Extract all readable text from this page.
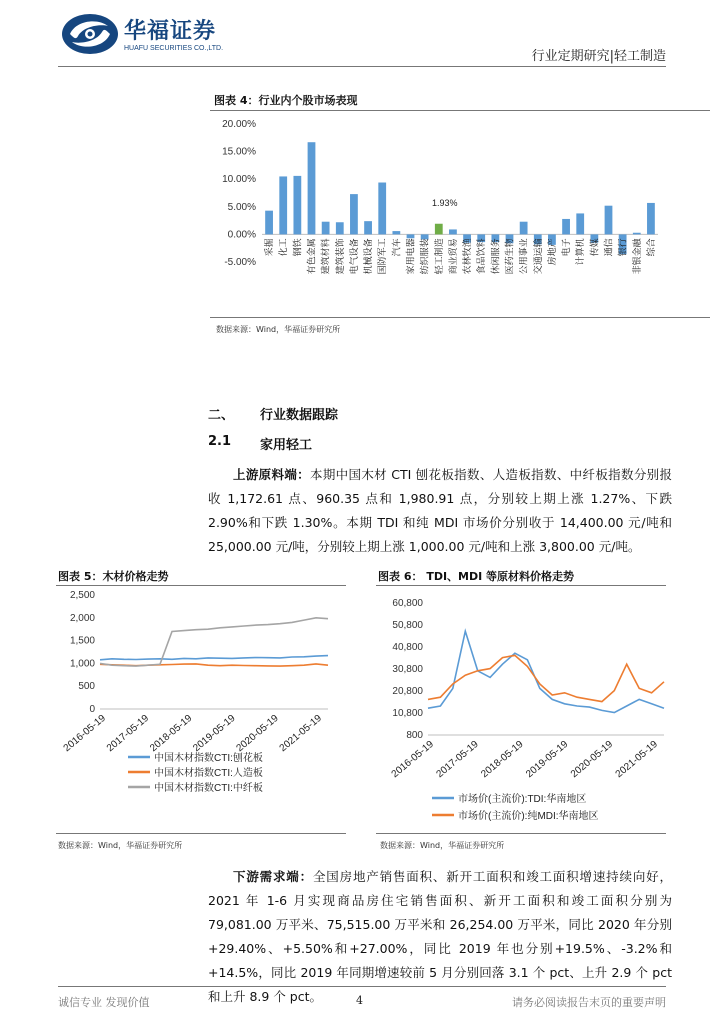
华福证券
HUAFU SECURITIES CO.,LTD.
行业定期研究|轻工制造
图表 4：行业内个股市场表现
20.00%
15.00%
10.00%
5.00%
0.00%
-5.00%
采掘 化工 钢铁 有色金属 建筑材料 建筑装饰 电气设备 机械设备 国防军工 汽车 家用电器 纺织服装 轻工制造 商业贸易 农林牧渔 食品饮料 休闲服务 医药生物 公用事业 交通运输 房地产 电子 计算机 传媒 通信 银行 非银金融 综合
1.93%
数据来源：Wind，华福证券研究所
二、 行业数据跟踪
2.1 家用轻工
上游原料端：本期中国木材 CTI 刨花板指数、人造板指数、中纤板指数分别报收 1,172.61 点、960.35 点和 1,980.91 点，分别较上期上涨 1.27%、下跌 2.90%和下跌 1.30%。本期 TDI 和纯 MDI 市场价分别收于 14,400.00 元/吨和 25,000.00 元/吨，分别较上期上涨 1,000.00 元/吨和上涨 3,800.00 元/吨。
图表 5：木材价格走势
2,500
2,000
1,500
1,000
500
0
2016-05-19
2017-05-19
2018-05-19
2019-05-19
2020-05-19
2021-05-19
中国木材指数CTI:刨花板
中国木材指数CTI:人造板
中国木材指数CTI:中纤板
数据来源：Wind，华福证券研究所
图表 6： TDI、MDI 等原材料价格走势
60,800
50,800
40,800
30,800
20,800
10,800
800
2016-05-19
2017-05-19
2018-05-19
2019-05-19
2020-05-19
2021-05-19
市场价(主流价):TDI:华南地区
市场价(主流价):纯MDI:华南地区
数据来源：Wind，华福证券研究所
下游需求端：全国房地产销售面积、新开工面积和竣工面积增速持续向好，2021 年 1-6 月实现商品房住宅销售面积、新开工面积和竣工面积分别为 79,081.00 万平米、75,515.00 万平米和 26,254.00 万平米，同比 2020 年分别+29.40%、+5.50%和+27.00%，同比 2019 年也分别+19.5%、-3.2%和+14.5%，同比 2019 年同期增速较前 5 月分别回落 3.1 个 pct、上升 2.9 个 pct 和上升 8.9 个 pct。
诚信专业 发现价值	4	请务必阅读报告末页的重要声明
